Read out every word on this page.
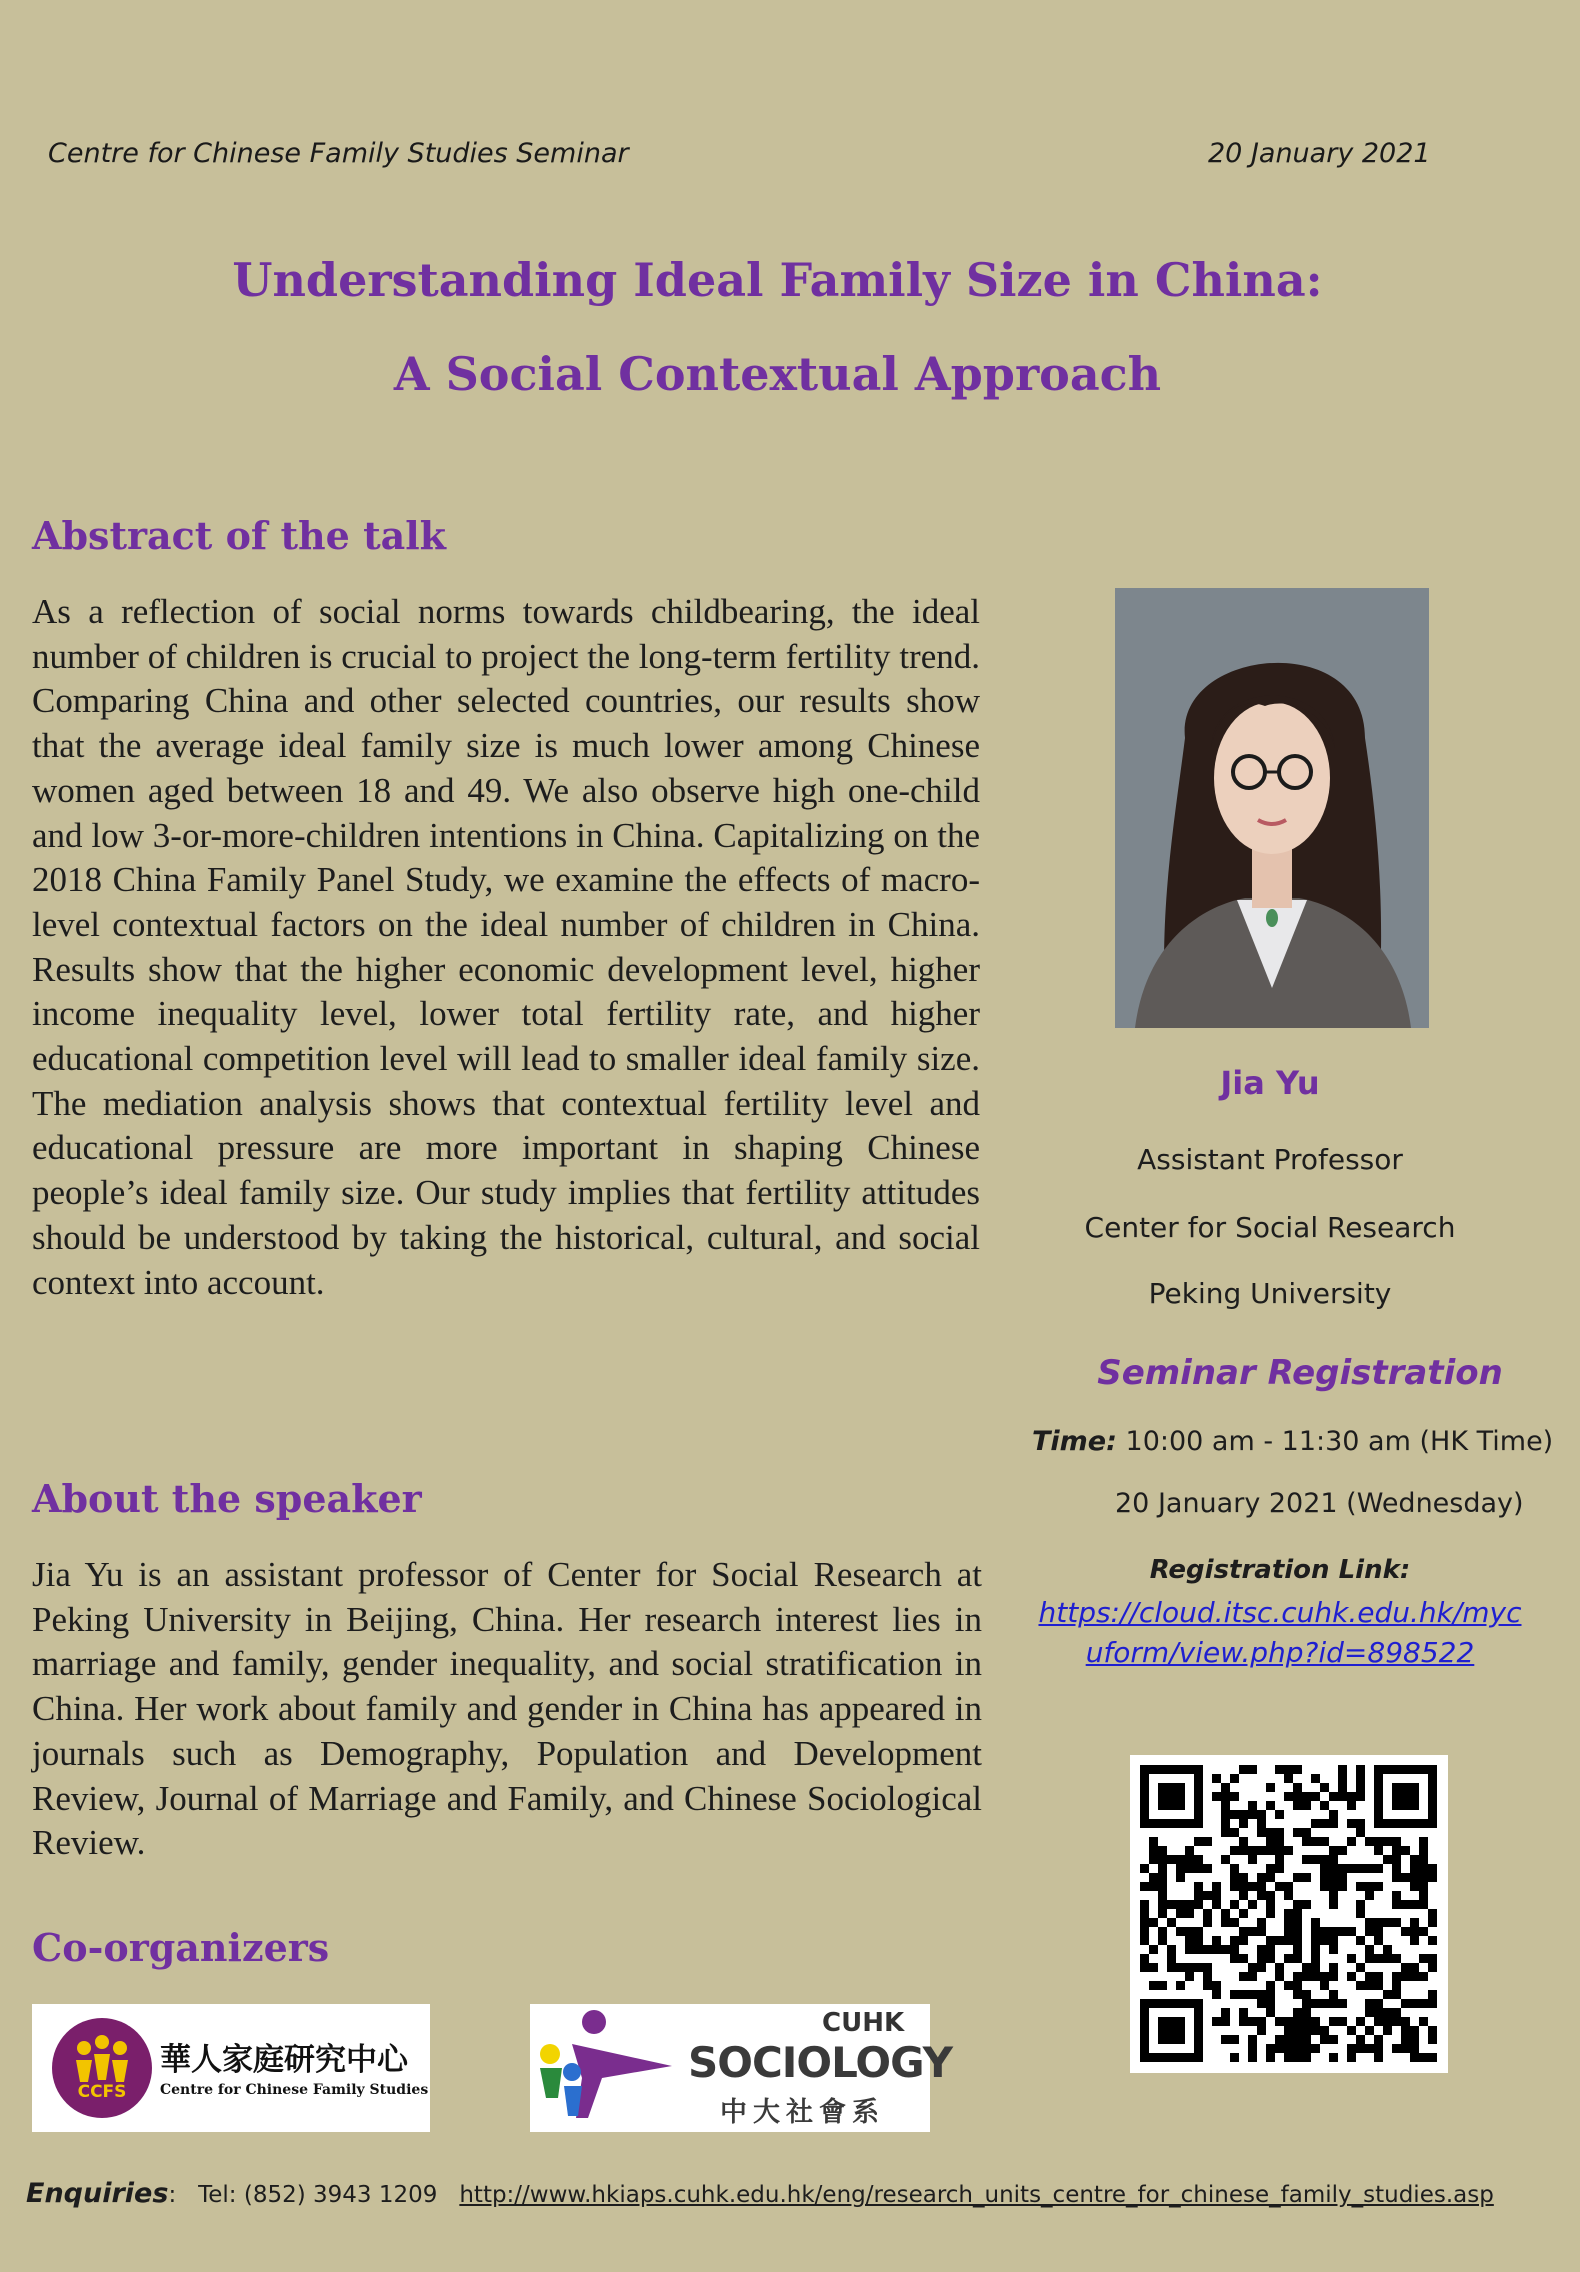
Centre for Chinese Family Studies Seminar	20 January 2021
Understanding Ideal Family Size in China:
A Social Contextual Approach
Abstract of the talk
As a reflection of social norms towards childbearing, the ideal number of children is crucial to project the long-term fertility trend. Comparing China and other selected countries, our results show that the average ideal family size is much lower among Chinese women aged between 18 and 49. We also observe high one-child and low 3-or-more-children intentions in China. Capitalizing on the 2018 China Family Panel Study, we examine the effects of macro-level contextual factors on the ideal number of children in China. Results show that the higher economic development level, higher income inequality level, lower total fertility rate, and higher educational competition level will lead to smaller ideal family size. The mediation analysis shows that contextual fertility level and educational pressure are more important in shaping Chinese people’s ideal family size. Our study implies that fertility attitudes should be understood by taking the historical, cultural, and social context into account.
Jia Yu
Assistant Professor
Center for Social Research
Peking University
Seminar Registration
Time: 10:00 am - 11:30 am (HK Time)
20 January 2021 (Wednesday)
Registration Link:
https://cloud.itsc.cuhk.edu.hk/mycuform/view.php?id=898522
About the speaker
Jia Yu is an assistant professor of Center for Social Research at Peking University in Beijing, China. Her research interest lies in marriage and family, gender inequality, and social stratification in China. Her work about family and gender in China has appeared in journals such as Demography, Population and Development Review, Journal of Marriage and Family, and Chinese Sociological Review.
Co-organizers
CCFS
華人家庭研究中心
Centre for Chinese Family Studies
CUHK
SOCIOLOGY
中大社會系
Enquiries:   Tel: (852) 3943 1209 http://www.hkiaps.cuhk.edu.hk/eng/research_units_centre_for_chinese_family_studies.asp
